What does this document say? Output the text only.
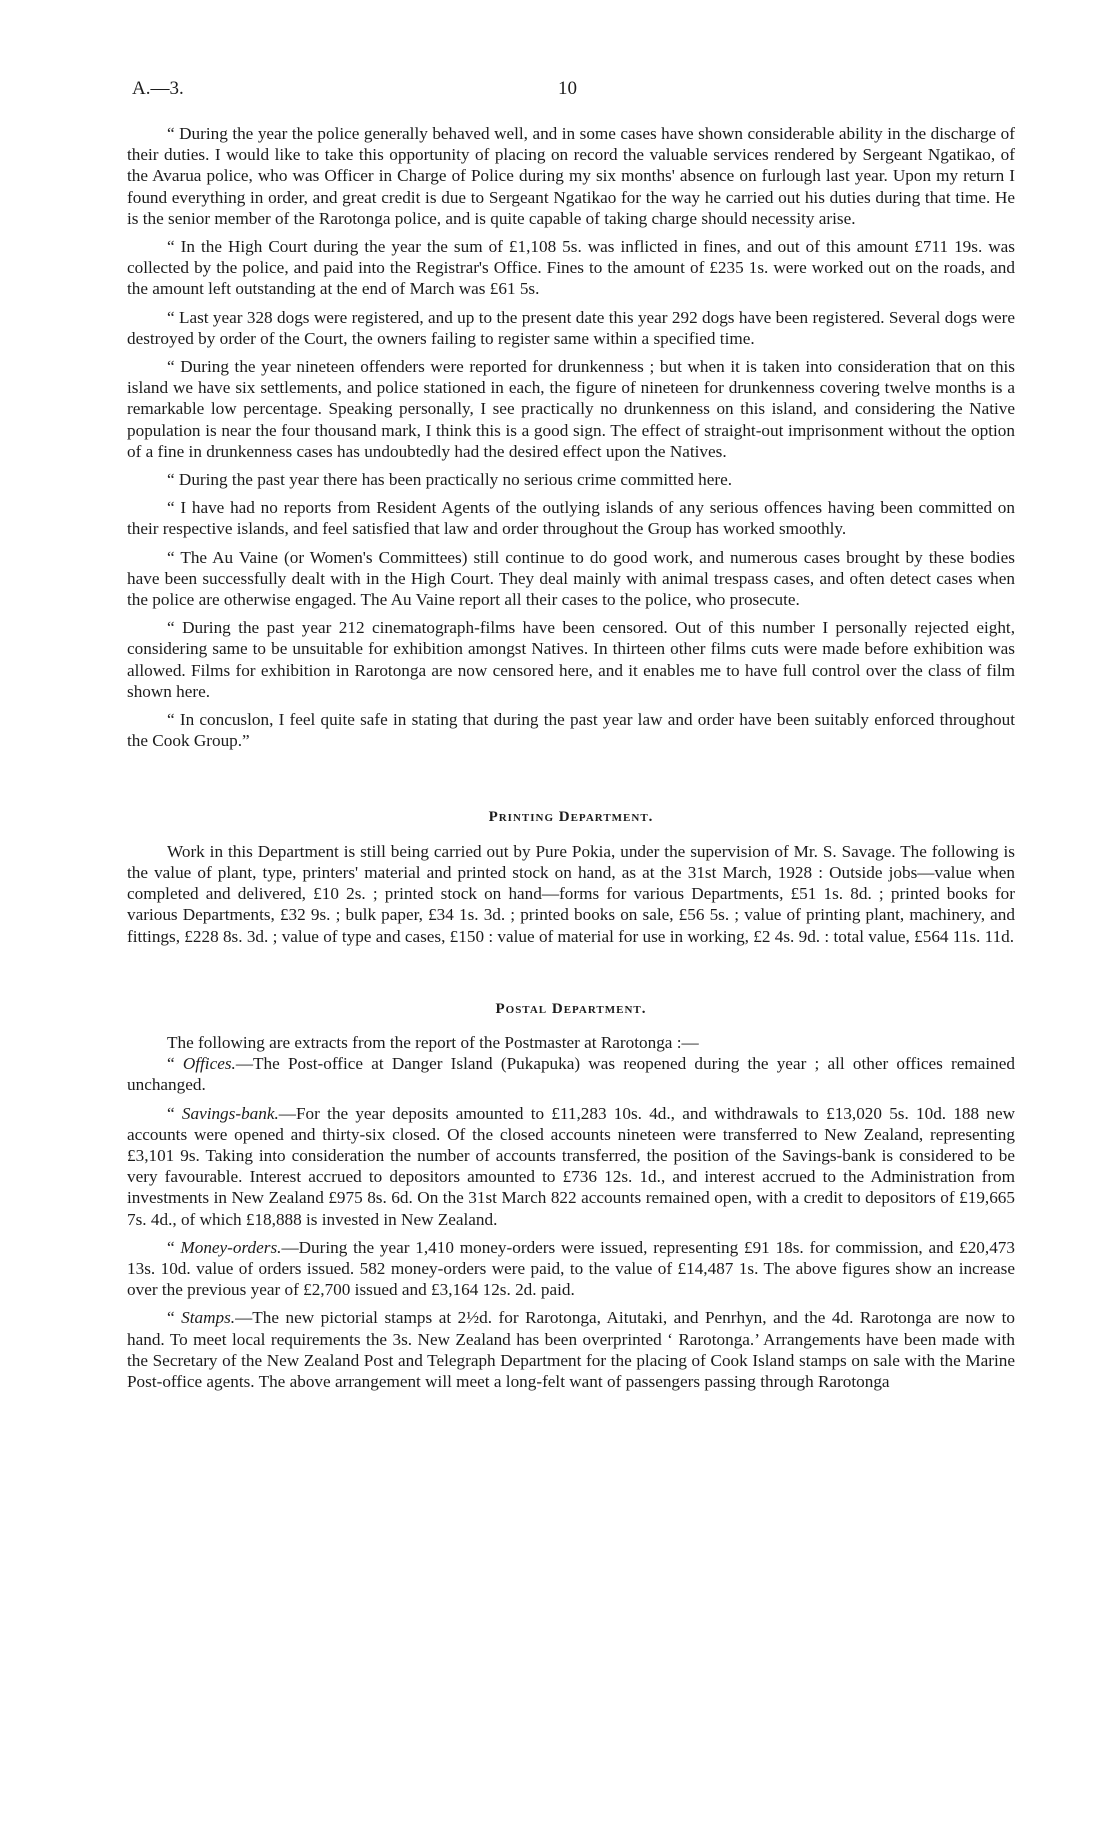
A.—3.	10

“ During the year the police generally behaved well, and in some cases have shown considerable ability in the discharge of their duties. I would like to take this opportunity of placing on record the valuable services rendered by Sergeant Ngatikao, of the Avarua police, who was Officer in Charge of Police during my six months' absence on furlough last year. Upon my return I found everything in order, and great credit is due to Sergeant Ngatikao for the way he carried out his duties during that time. He is the senior member of the Rarotonga police, and is quite capable of taking charge should necessity arise.

“ In the High Court during the year the sum of £1,108 5s. was inflicted in fines, and out of this amount £711 19s. was collected by the police, and paid into the Registrar's Office. Fines to the amount of £235 1s. were worked out on the roads, and the amount left outstanding at the end of March was £61 5s.

“ Last year 328 dogs were registered, and up to the present date this year 292 dogs have been registered. Several dogs were destroyed by order of the Court, the owners failing to register same within a specified time.

“ During the year nineteen offenders were reported for drunkenness ; but when it is taken into consideration that on this island we have six settlements, and police stationed in each, the figure of nineteen for drunkenness covering twelve months is a remarkable low percentage. Speaking personally, I see practically no drunkenness on this island, and considering the Native population is near the four thousand mark, I think this is a good sign. The effect of straight-out imprisonment without the option of a fine in drunkenness cases has undoubtedly had the desired effect upon the Natives.

“ During the past year there has been practically no serious crime committed here.

“ I have had no reports from Resident Agents of the outlying islands of any serious offences having been committed on their respective islands, and feel satisfied that law and order throughout the Group has worked smoothly.

“ The Au Vaine (or Women's Committees) still continue to do good work, and numerous cases brought by these bodies have been successfully dealt with in the High Court. They deal mainly with animal trespass cases, and often detect cases when the police are otherwise engaged. The Au Vaine report all their cases to the police, who prosecute.

“ During the past year 212 cinematograph-films have been censored. Out of this number I personally rejected eight, considering same to be unsuitable for exhibition amongst Natives. In thirteen other films cuts were made before exhibition was allowed. Films for exhibition in Rarotonga are now censored here, and it enables me to have full control over the class of film shown here.

“ In concuslon, I feel quite safe in stating that during the past year law and order have been suitably enforced throughout the Cook Group.”

Printing Department.

Work in this Department is still being carried out by Pure Pokia, under the supervision of Mr. S. Savage. The following is the value of plant, type, printers' material and printed stock on hand, as at the 31st March, 1928 : Outside jobs—value when completed and delivered, £10 2s. ; printed stock on hand—forms for various Departments, £51 1s. 8d. ; printed books for various Departments, £32 9s. ; bulk paper, £34 1s. 3d. ; printed books on sale, £56 5s. ; value of printing plant, machinery, and fittings, £228 8s. 3d. ; value of type and cases, £150 : value of material for use in working, £2 4s. 9d. : total value, £564 11s. 11d.

Postal Department.

The following are extracts from the report of the Postmaster at Rarotonga :—

“ Offices.—The Post-office at Danger Island (Pukapuka) was reopened during the year ; all other offices remained unchanged.

“ Savings-bank.—For the year deposits amounted to £11,283 10s. 4d., and withdrawals to £13,020 5s. 10d. 188 new accounts were opened and thirty-six closed. Of the closed accounts nineteen were transferred to New Zealand, representing £3,101 9s. Taking into consideration the number of accounts transferred, the position of the Savings-bank is considered to be very favourable. Interest accrued to depositors amounted to £736 12s. 1d., and interest accrued to the Administration from investments in New Zealand £975 8s. 6d. On the 31st March 822 accounts remained open, with a credit to depositors of £19,665 7s. 4d., of which £18,888 is invested in New Zealand.

“ Money-orders.—During the year 1,410 money-orders were issued, representing £91 18s. for commission, and £20,473 13s. 10d. value of orders issued. 582 money-orders were paid, to the value of £14,487 1s. The above figures show an increase over the previous year of £2,700 issued and £3,164 12s. 2d. paid.

“ Stamps.—The new pictorial stamps at 2½d. for Rarotonga, Aitutaki, and Penrhyn, and the 4d. Rarotonga are now to hand. To meet local requirements the 3s. New Zealand has been overprinted ‘ Rarotonga.’ Arrangements have been made with the Secretary of the New Zealand Post and Telegraph Department for the placing of Cook Island stamps on sale with the Marine Post-office agents. The above arrangement will meet a long-felt want of passengers passing through Rarotonga
